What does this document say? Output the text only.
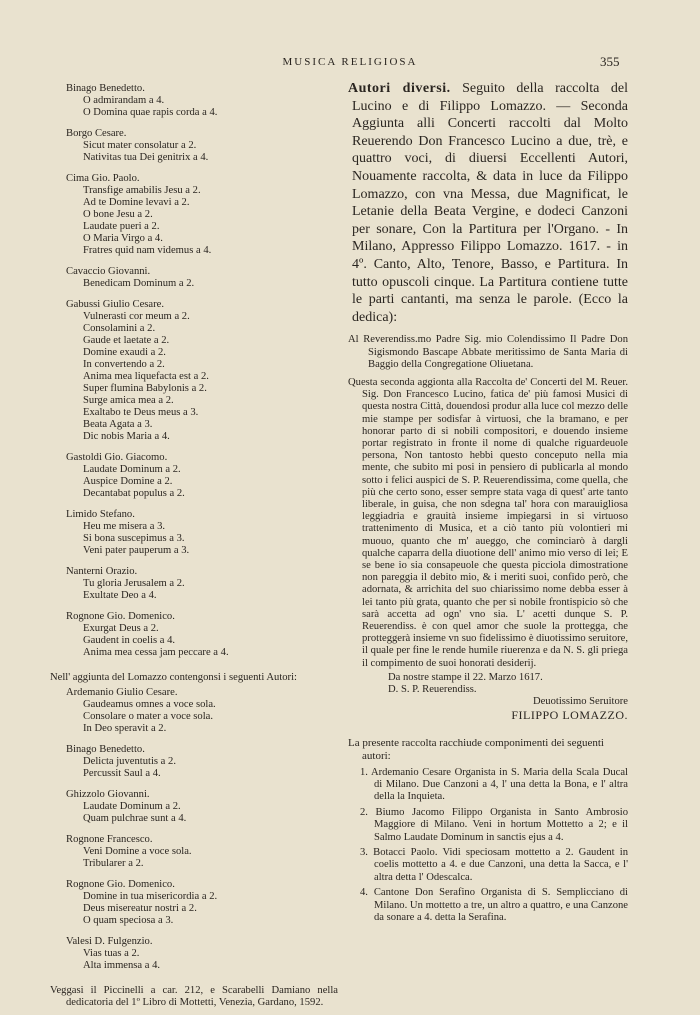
MUSICA RELIGIOSA	355
Binago Benedetto.
O admirandam a 4.
O Domina quae rapis corda a 4.
Borgo Cesare.
Sicut mater consolatur a 2.
Nativitas tua Dei genitrix a 4.
Cima Gio. Paolo.
Transfige amabilis Jesu a 2.
Ad te Domine levavi a 2.
O bone Jesu a 2.
Laudate pueri a 2.
O Maria Virgo a 4.
Fratres quid nam videmus a 4.
Cavaccio Giovanni.
Benedicam Dominum a 2.
Gabussi Giulio Cesare.
Vulnerasti cor meum a 2.
Consolamini a 2.
Gaude et laetate a 2.
Domine exaudi a 2.
In convertendo a 2.
Anima mea liquefacta est a 2.
Super flumina Babylonis a 2.
Surge amica mea a 2.
Exaltabo te Deus meus a 3.
Beata Agata a 3.
Dic nobis Maria a 4.
Gastoldi Gio. Giacomo.
Laudate Dominum a 2.
Auspice Domine a 2.
Decantabat populus a 2.
Limido Stefano.
Heu me misera a 3.
Si bona suscepimus a 3.
Veni pater pauperum a 3.
Nanterni Orazio.
Tu gloria Jerusalem a 2.
Exultate Deo a 4.
Rognone Gio. Domenico.
Exurgat Deus a 2.
Gaudent in coelis a 4.
Anima mea cessa jam peccare a 4.
Nell' aggiunta del Lomazzo contengonsi i seguenti Autori:
Ardemanio Giulio Cesare.
Gaudeamus omnes a voce sola.
Consolare o mater a voce sola.
In Deo speravit a 2.
Binago Benedetto.
Delicta juventutis a 2.
Percussit Saul a 4.
Ghizzolo Giovanni.
Laudate Dominum a 2.
Quam pulchrae sunt a 4.
Rognone Francesco.
Veni Domine a voce sola.
Tribularer a 2.
Rognone Gio. Domenico.
Domine in tua misericordia a 2.
Deus misereatur nostri a 2.
O quam speciosa a 3.
Valesi D. Fulgenzio.
Vias tuas a 2.
Alta immensa a 4.
Veggasi il Piccinelli a car. 212, e Scarabelli Damiano nella dedicatoria del 1º Libro di Mottetti, Venezia, Gardano, 1592.
Autori diversi. Seguito della raccolta del Lucino e di Filippo Lomazzo. — Seconda Aggiunta alli Concerti raccolti dal Molto Reuerendo Don Francesco Lucino a due, trè, e quattro voci, di diuersi Eccellenti Autori, Nouamente raccolta, & data in luce da Filippo Lomazzo, con vna Messa, due Magnificat, le Letanie della Beata Vergine, e dodeci Canzoni per sonare, Con la Partitura per l'Organo. - In Milano, Appresso Filippo Lomazzo. 1617. - in 4º. Canto, Alto, Tenore, Basso, e Partitura. In tutto opuscoli cinque. La Partitura contiene tutte le parti cantanti, ma senza le parole. (Ecco la dedica):
Al Reverendiss.mo Padre Sig. mio Colendissimo Il Padre Don Sigismondo Bascape Abbate meritissimo de Santa Maria di Baggio della Congregatione Oliuetana.
Questa seconda aggionta alla Raccolta de' Concerti del M. Reuer. Sig. Don Francesco Lucino, fatica de' più famosi Musici di questa nostra Città, douendosi produr alla luce col mezzo delle mie stampe per sodisfar à virtuosi, che la bramano, e per honorar parto di si nobili compositori, e douendo insieme portar registrato in fronte il nome di qualche riguardeuole persona, Non tantosto hebbi questo conceputo nella mia mente, che subito mi posi in pensiero di publicarla al mondo sotto i felici auspici de S. P. Reuerendissima, come quella, che più che certo sono, esser sempre stata vaga di quest' arte tanto liberale, in guisa, che non sdegna tal' hora con marauigliosa leggiadria e grauità insieme impiegarsi in si virtuoso trattenimento di Musica, et a ciò tanto più volontieri mi muouo, quanto che m' aueggo, che cominciarò à dargli qualche caparra della diuotione dell' animo mio verso di lei; E se bene io sia consapeuole che questa picciola dimostratione non pareggia il debito mio, & i meriti suoi, confido però, che adornata, & arrichita del suo chiarissimo nome debba esser à lei tanto più grata, quanto che per si nobile frontispicio sò che sarà accetta ad ogn' vno sia. L' acetti dunque S. P. Reuerendiss. è con quel amor che suole la protteggа, che protteggerà insieme vn suo fidelissimo è diuotissimo seruitore, il quale per fine le rende humile riuerenza e da N. S. gli priega il compimento de suoi honorati desiderij.
Da nostre stampe il 22. Marzo 1617.
D. S. P. Reuerendiss.
Deuotissimo Seruitore
FILIPPO LOMAZZO.
La presente raccolta racchiude componimenti dei seguenti autori:
1. Ardemanio Cesare Organista in S. Maria della Scala Ducal di Milano. Due Canzoni a 4, l' una detta la Bona, e l' altra della la Inquieta.
2. Biumo Jacomo Filippo Organista in Santo Ambrosio Maggiore di Milano. Veni in hortum Mottetto a 2; e il Salmo Laudate Dominum in sanctis ejus a 4.
3. Botacci Paolo. Vidi speciosam mottetto a 2. Gaudent in coelis mottetto a 4. e due Canzoni, una detta la Sacca, e l' altra detta l' Odescalca.
4. Cantone Don Serafino Organista di S. Semplicciano di Milano. Un mottetto a tre, un altro a quattro, e una Canzone da sonare a 4. detta la Serafina.
